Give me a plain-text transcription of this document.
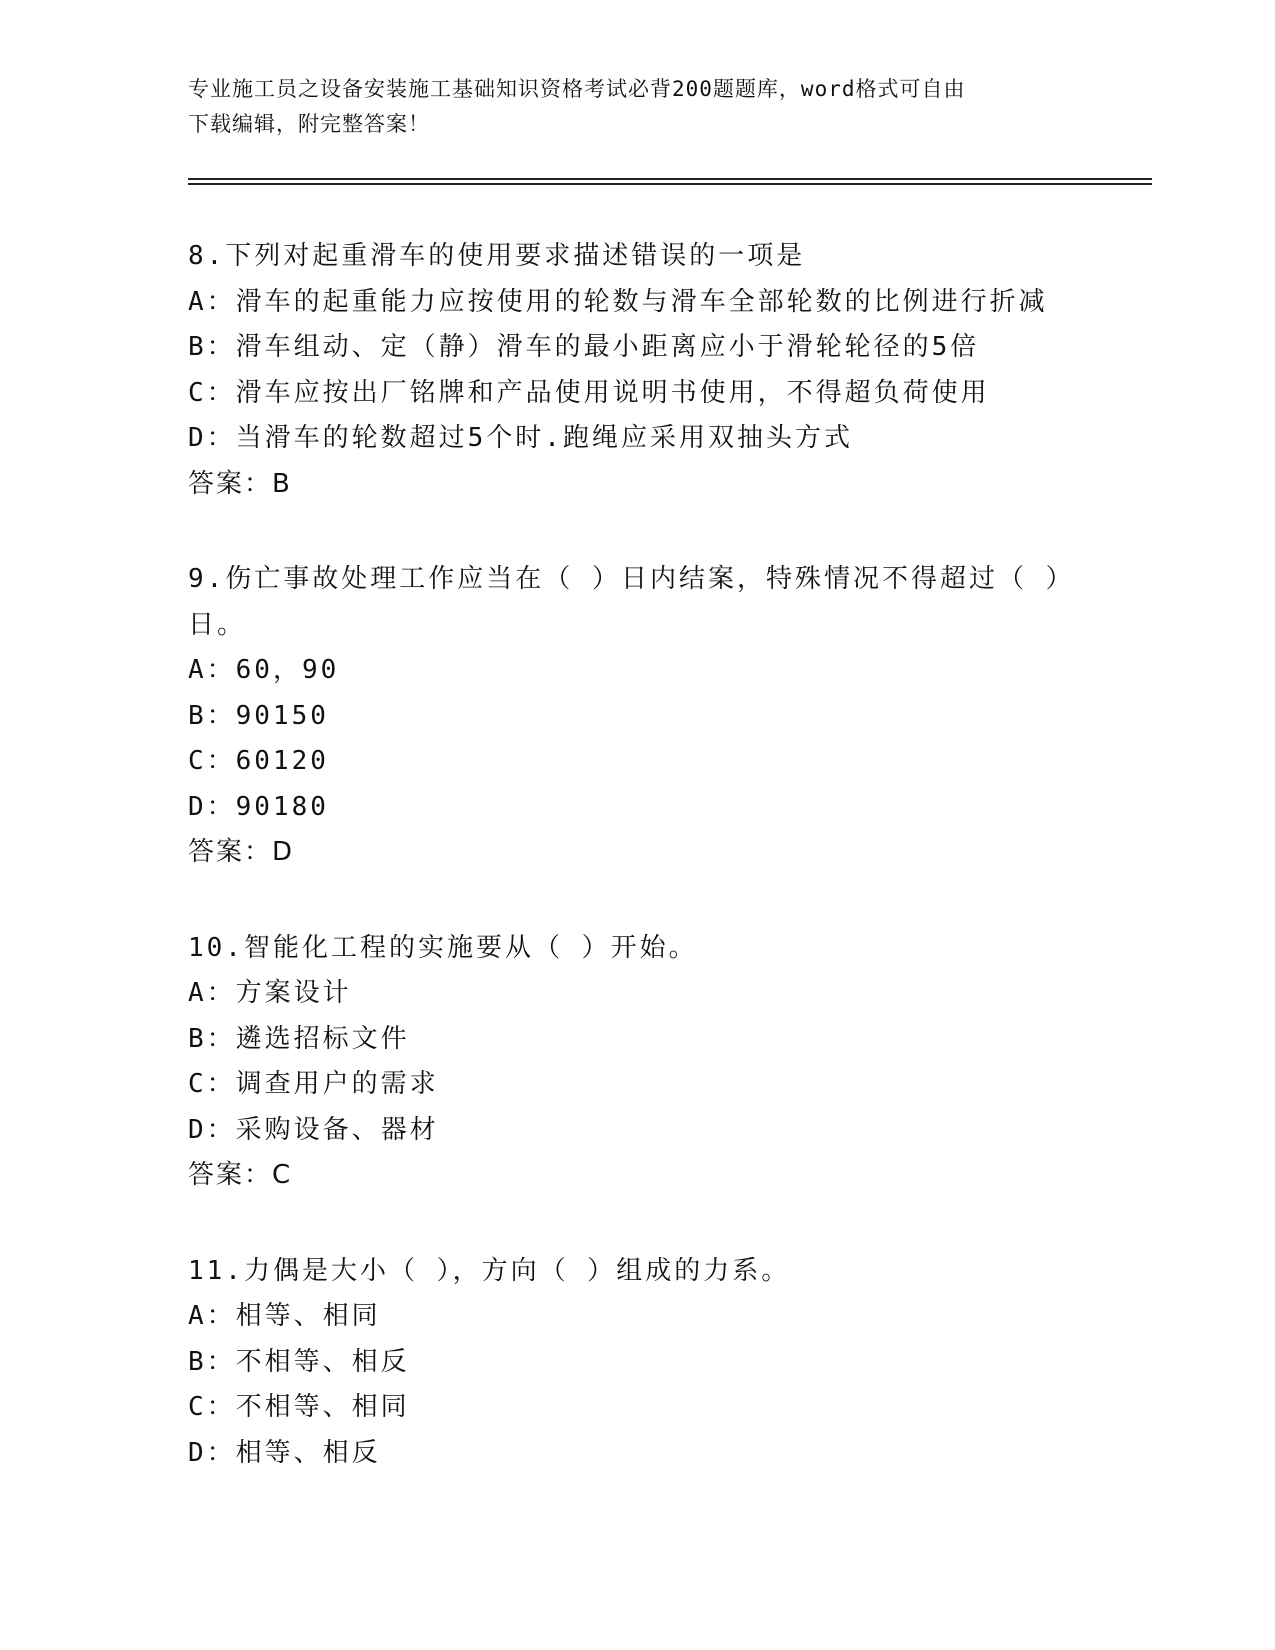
专业施工员之设备安装施工基础知识资格考试必背200题题库，word格式可自由
下载编辑，附完整答案！
8.下列对起重滑车的使用要求描述错误的一项是
A：滑车的起重能力应按使用的轮数与滑车全部轮数的比例进行折减
B：滑车组动、定（静）滑车的最小距离应小于滑轮轮径的5倍
C：滑车应按出厂铭牌和产品使用说明书使用，不得超负荷使用
D：当滑车的轮数超过5个时.跑绳应采用双抽头方式
答案：B
9.伤亡事故处理工作应当在（ ）日内结案，特殊情况不得超过（ ）日。
A：60，90
B：90150
C：60120
D：90180
答案：D
10.智能化工程的实施要从（ ）开始。
A：方案设计
B：遴选招标文件
C：调查用户的需求
D：采购设备、器材
答案：C
11.力偶是大小（ ），方向（ ）组成的力系。
A：相等、相同
B：不相等、相反
C：不相等、相同
D：相等、相反
